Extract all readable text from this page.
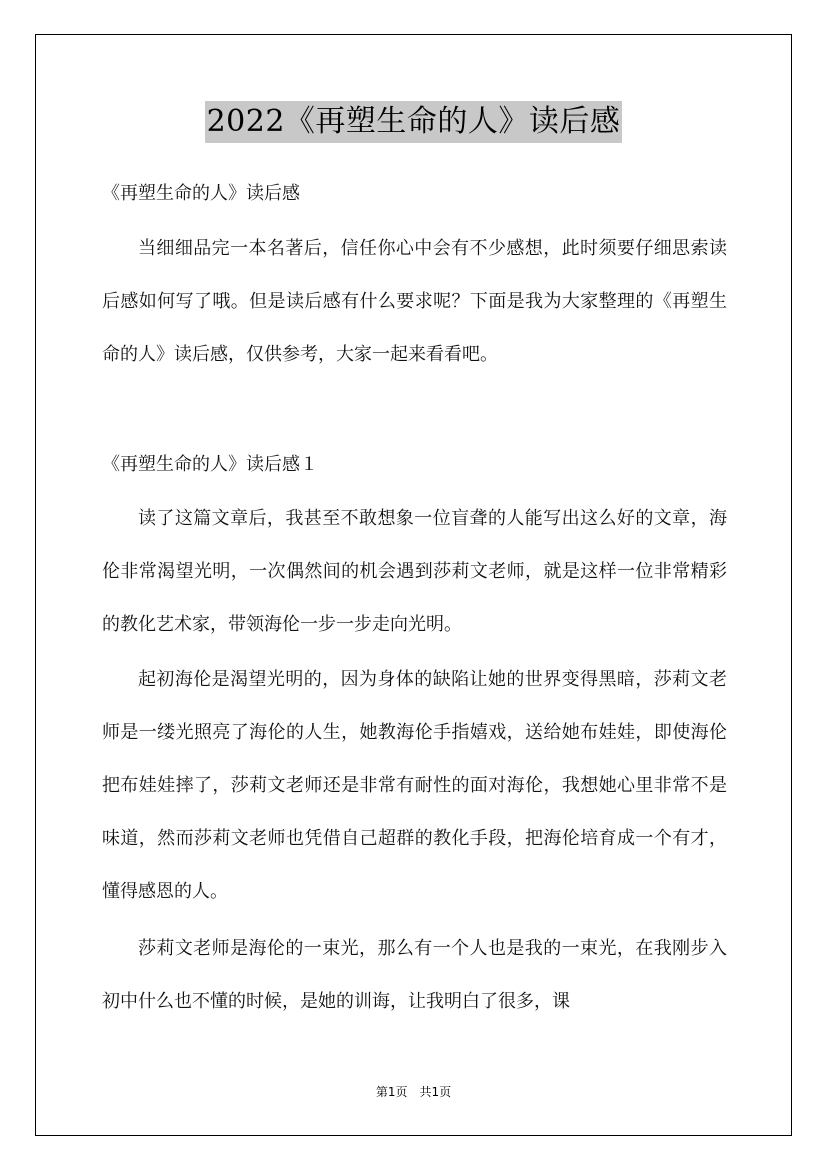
2022《再塑生命的人》读后感

《再塑生命的人》读后感

当细细品完一本名著后，信任你心中会有不少感想，此时须要仔细思索读后感如何写了哦。但是读后感有什么要求呢？下面是我为大家整理的《再塑生命的人》读后感，仅供参考，大家一起来看看吧。

《再塑生命的人》读后感１

读了这篇文章后，我甚至不敢想象一位盲聋的人能写出这么好的文章，海伦非常渴望光明，一次偶然间的机会遇到莎莉文老师，就是这样一位非常精彩的教化艺术家，带领海伦一步一步走向光明。

起初海伦是渴望光明的，因为身体的缺陷让她的世界变得黑暗，莎莉文老师是一缕光照亮了海伦的人生，她教海伦手指嬉戏，送给她布娃娃，即使海伦把布娃娃摔了，莎莉文老师还是非常有耐性的面对海伦，我想她心里非常不是味道，然而莎莉文老师也凭借自己超群的教化手段，把海伦培育成一个有才，懂得感恩的人。

莎莉文老师是海伦的一束光，那么有一个人也是我的一束光，在我刚步入初中什么也不懂的时候，是她的训诲，让我明白了很多，课

第1页　共1页
